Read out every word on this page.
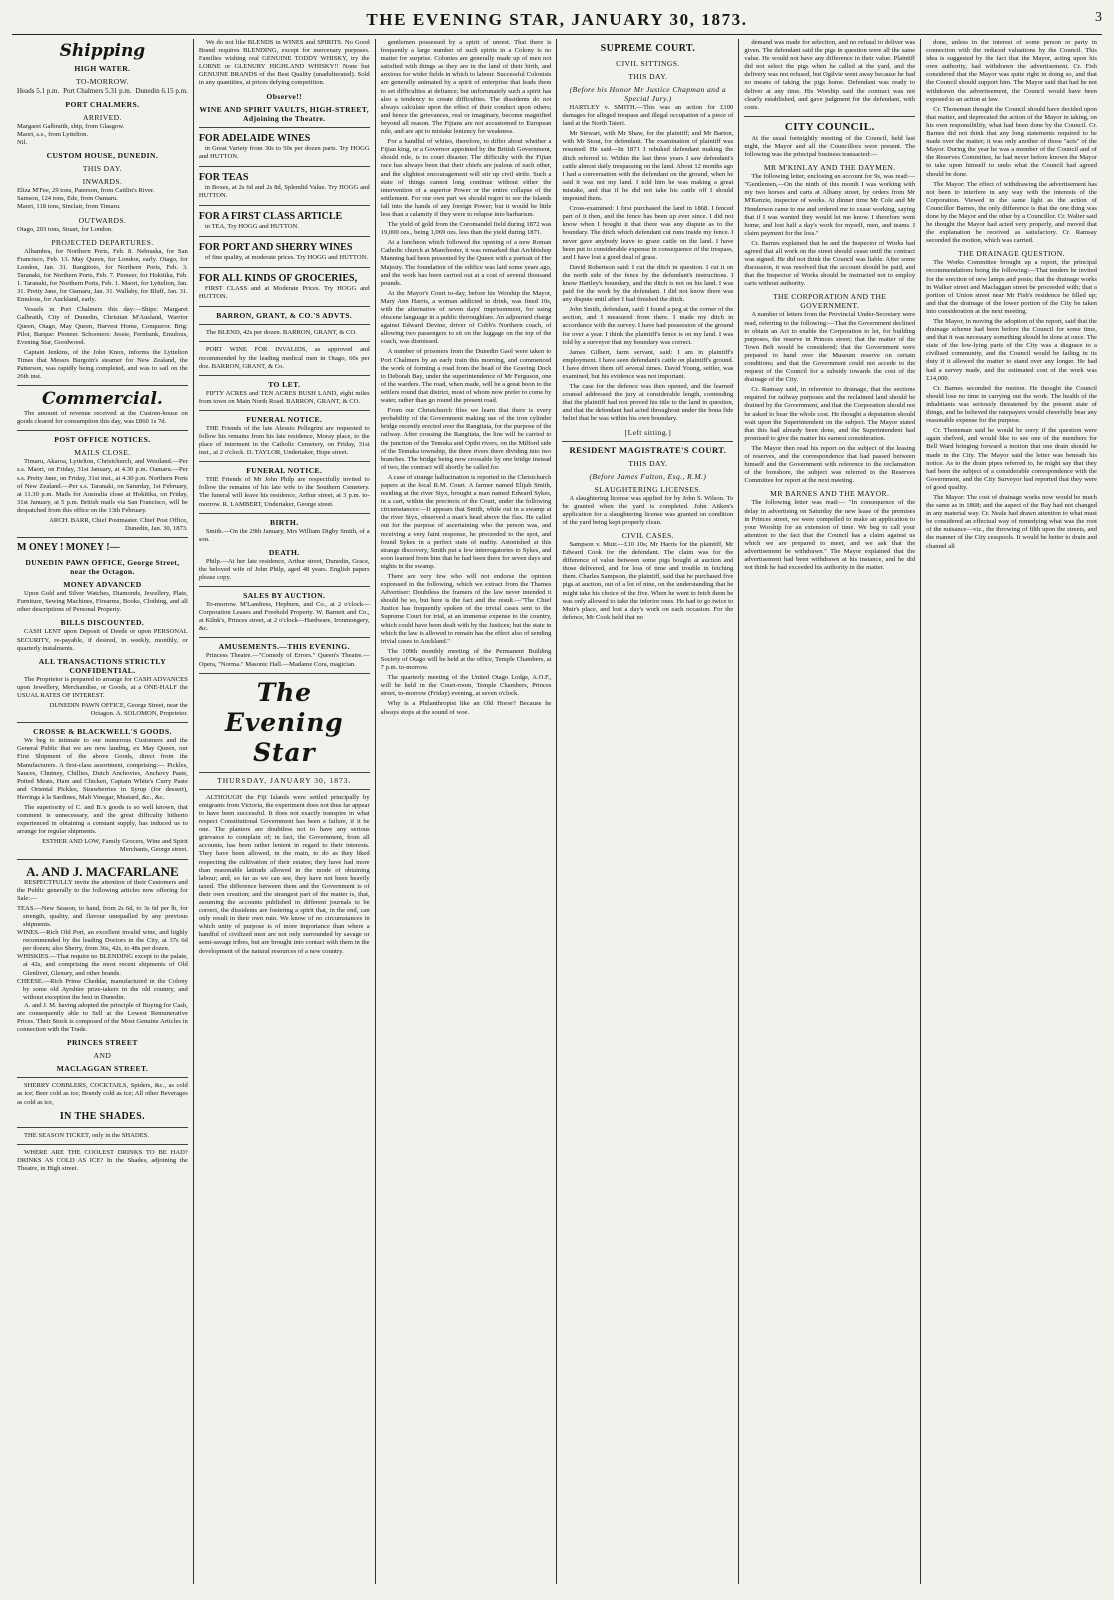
THE EVENING STAR, JANUARY 30, 1873.	3
Shipping
HIGH WATER.
TO-MORROW.
Heads 5.1 p.m. Port Chalmers 5.31 p.m. Dunedin 6.15 p.m.
PORT CHALMERS.
ARRIVED.
Margaret Galbraith, ship, from Glasgow.
Maori, s.s., from Lyttelton.
Nil.
CUSTOM HOUSE, DUNEDIN.
THIS DAY.
INWARDS.
Eliza M'Fee, 29 tons, Paterson, from Caitlin's River.
Samson, 124 tons, Ede, from Oamaru.
Maori, 118 tons, Sinclair, from Timaru.
OUTWARDS.
Otago, 203 tons, Stuart, for London.
PROJECTED DEPARTURES.

Alhambra, for Northern Ports, Feb. 8. Nebraska, for San Francisco, Feb. 13. May Queen, for London, early. Otago, for London, Jan. 31. Rangitoto, for Northern Ports, Feb. 3. Taranaki, for Northern Ports, Feb. 7. Pioneer, for Hokitika, Feb. 1. Taranaki, for Northern Ports, Feb. 1. Maori, for Lyttelton, Jan. 31. Pretty Jane, for Oamaru, Jan. 31. Wallaby, for Bluff, Jan. 31. Emulous, for Auckland, early.

Vessels in Port Chalmers this day:—Ships: Margaret Galbraith, City of Dunedin, Christian M'Ausland, Warrior Queen, Otago, May Queen, Harvest Home, Conqueror. Brig: Pilot, Barque: Pioneer. Schooners: Jessie, Fernbank, Emulous, Evening Star, Goodwood.

Captain Jenkins, of the John Knox, informs the Lyttelton Times that Messrs Burgoin's steamer for New Zealand, the Patterson, was rapidly being completed, and was to sail on the 26th inst.

Commercial.

The amount of revenue received at the Custom-house on goods cleared for consumption this day, was £860 1s 7d.

POST OFFICE NOTICES.
MAILS CLOSE.

Timaru, Akaroa, Lyttelton, Christchurch, and Westland.—Per s.s. Maori, on Friday, 31st January, at 4.30 p.m. Oamaru.—Per s.s. Pretty Jane, on Friday, 31st inst., at 4.30 p.m. Northern Ports of New Zealand.—Per s.s. Taranaki, on Saturday, 1st February, at 11.30 p.m. Mails for Australia close at Hokitika, on Friday, 31st January, at 5 p.m. British mails via San Francisco, will be despatched from this office on the 13th February.

ARCH. BARR, Chief Postmaster. Chief Post Office, Dunedin, Jan. 30, 1873.

M ONEY ! MONEY !—
DUNEDIN PAWN OFFICE, George Street, near the Octagon.
MONEY ADVANCED

Upon Gold and Silver Watches, Diamonds, Jewellery, Plate, Furniture, Sewing Machines, Firearms, Books, Clothing, and all other descriptions of Personal Property.

BILLS DISCOUNTED.

CASH LENT upon Deposit of Deeds or upon PERSONAL SECURITY, re-payable, if desired, in weekly, monthly, or quarterly instalments.

ALL TRANSACTIONS STRICTLY CONFIDENTIAL.

The Proprietor is prepared to arrange for CASH ADVANCES upon Jewellery, Merchandise, or Goods, at a ONE-HALF the USUAL RATES OF INTEREST.

DUNEDIN PAWN OFFICE, George Street, near the Octagon. A. SOLOMON, Proprietor.

CROSSE & BLACKWELL'S GOODS.

We beg to intimate to our numerous Customers and the General Public that we are now landing, ex May Queen, our First Shipment of the above Goods, direct from the Manufacturers. A first-class assortment, comprising:— Pickles, Sauces, Chutney, Chillies, Dutch Anchovies, Anchovy Paste, Potted Meats, Ham and Chicken, Captain White's Curry Paste and Oriental Pickles, Strawberries in Syrup (for dessert), Herrings à la Sardines, Malt Vinegar, Mustard, &c., &c.

The superiority of C. and B.'s goods is so well known, that comment is unnecessary, and the great difficulty hitherto experienced in obtaining a constant supply, has induced us to arrange for regular shipments.

ESTHER AND LOW, Family Grocers, Wine and Spirit Merchants, George street.

A. AND J. MACFARLANE

RESPECTFULLY invite the attention of their Customers and the Public generally to the following articles now offering for Sale:—

TEAS.—New Season, to hand, from 2s 6d, to 3s 6d per lb, for strength, quality, and flavour unequalled by any previous shipments.
WINES.—Rich Old Port, an excellent invalid wine, and highly recommended by the leading Doctors in the City, at 37s 6d per dozen; also Sherry, from 36s, 42s, to 48s per dozen.
WHISKIES.—That require no BLENDING except to the palate, at 42s, and comprising the most recent shipments of Old Glenlivet, Glenury, and other brands.
CHEESE.—Rich Prime Cheddar, manufactured in the Colony by some old Ayrshire prize-takers in the old country, and without exception the best in Dunedin.

A. and J. M. having adopted the principle of Buying for Cash, are consequently able to Sell at the Lowest Remunerative Prices. Their Stock is composed of the Most Genuine Articles in connection with the Trade.

PRINCES STREET
AND
MACLAGGAN STREET.

SHERRY COBBLERS, COCKTAILS, Spiders, &c., as cold as ice; Beer cold as ice; Brandy cold as ice; All other Beverages as cold as ice,

IN THE SHADES.

THE SEASON TICKET, only in the SHADES.

WHERE ARE THE COOLEST DRINKS TO BE HAD? DRINKS AS COLD AS ICE? In the Shades, adjoining the Theatre, in High street.

We do not like BLENDS in WINES and SPIRITS. No Good Brand requires BLENDING, except for mercenary purposes. Families wishing real GENUINE TODDY WHISKY, try the LORNE or GLENURY HIGHLAND WHISKY!! None but GENUINE BRANDS of the Best Quality (unadulterated). Sold in any quantities, at prices defying competition.

Observe!!
WINE AND SPIRIT VAULTS, HIGH-STREET, Adjoining the Theatre.
FOR ADELAIDE WINES

in Great Variety from 30s to 50s per dozen parts. Try HOGG and HUTTON.

FOR TEAS

in Boxes, at 2s 6d and 2s 8d, Splendid Value. Try HOGG and HUTTON.

FOR A FIRST CLASS ARTICLE

in TEA, Try HOGG and HUTTON.

FOR PORT AND SHERRY WINES

of fine quality, at moderate prices. Try HOGG and HUTTON.

FOR ALL KINDS OF GROCERIES,

FIRST CLASS and at Moderate Prices. Try HOGG and HUTTON.

BARRON, GRANT, & CO.'S ADVTS.

The BLEND, 42s per dozen. BARRON, GRANT, & CO.

PORT WINE FOR INVALIDS, as approved and recommended by the leading medical men in Otago, 60s per doz. BARRON, GRANT, & Co.

TO LET.

FIFTY ACRES and TEN ACRES BUSH LAND, eight miles from town on Main North Road. BARRON, GRANT, & CO.

FUNERAL NOTICE.

THE Friends of the late Alessio Pellegrini are requested to follow his remains from his late residence, Moray place, to the place of interment in the Catholic Cemetery, on Friday, 31st inst., at 2 o'clock. D. TAYLOR, Undertaker, Hope street.

FUNERAL NOTICE.

THE Friends of Mr John Philp are respectfully invited to follow the remains of his late wife to the Southern Cemetery. The funeral will leave his residence, Arthur street, at 3 p.m. to-morrow. R. LAMBERT, Undertaker, George street.

BIRTH.

Smith.—On the 29th January, Mrs William Digby Smith, of a son.

DEATH.

Philp.—At her late residence, Arthur street, Dunedin, Grace, the beloved wife of John Philp, aged 48 years. English papers please copy.

SALES BY AUCTION.

To-morrow. M'Landress, Hepburn, and Co., at 2 o'clock—Corporation Leases and Freehold Property. W. Barnett and Co., at Kilnk's, Princes street, at 2 o'clock—Hardware, Ironmongery, &c.

AMUSEMENTS.—THIS EVENING.

Princess Theatre.—"Comedy of Errors." Queen's Theatre.—Opera, "Norma." Masonic Hall.—Madame Cora, magician.

The Evening Star
THURSDAY, JANUARY 30, 1873.

ALTHOUGH the Fiji Islands were settled principally by emigrants from Victoria, the experiment does not thus far appear to have been successful. It does not exactly transpire in what respect Constitutional Government has been a failure, if it be one. The planters are doubtless not to have any serious grievance to complain of; in fact, the Government, from all accounts, has been rather lenient in regard to their interests. They have been allowed, in the main, to do as they liked respecting the cultivation of their estates; they have had more than reasonable latitude allowed in the mode of obtaining labour; and, so far as we can see, they have not been heavily taxed. The difference between them and the Government is of their own creation; and the strangest part of the matter is, that, assuming the accounts published in different journals to be correct, the dissidents are fostering a spirit that, in the end, can only result in their own ruin. We know of no circumstances in which unity of purpose is of more importance than where a handful of civilized men are not only surrounded by savage or semi-savage tribes, but are brought into contact with them in the development of the natural resources of a new country.

gentlemen possessed by a spirit of unrest. That there is frequently a large number of such spirits in a Colony is no matter for surprise. Colonies are generally made up of men not satisfied with things as they are in the land of their birth, and anxious for wider fields in which to labour. Successful Colonists are generally animated by a spirit of enterprise that leads them to set difficulties at defiance; but unfortunately such a spirit has also a tendency to create difficulties. The dissidents do not always calculate upon the effect of their conduct upon others; and hence the grievances, real or imaginary, become magnified beyond all reason. The Fijians are not accustomed to European rule, and are apt to mistake leniency for weakness.

For a handful of whites, therefore, to differ about whether a Fijian king, or a Governor appointed by the British Government, should rule, is to court disaster. The difficulty with the Fijian race has always been that their chiefs are jealous of each other, and the slightest encouragement will stir up civil strife. Such a state of things cannot long continue without either the intervention of a superior Power or the entire collapse of the settlement. For our own part we should regret to see the Islands fall into the hands of any foreign Power; but it would be little less than a calamity if they were to relapse into barbarism.

The yield of gold from the Coromandel field during 1872 was 19,000 ozs., being 1,069 ozs. less than the yield during 1871.

At a luncheon which followed the opening of a new Roman Catholic church at Manchester, it was remarked that Archbishop Manning had been presented by the Queen with a portrait of Her Majesty. The foundation of the edifice was laid some years ago, and the work has been carried out at a cost of several thousand pounds.

At the Mayor's Court to-day, before his Worship the Mayor, Mary Ann Harris, a woman addicted to drink, was fined 10s, with the alternative of seven days' imprisonment, for using obscene language in a public thoroughfare. An adjourned charge against Edward Devine, driver of Cobb's Northern coach, of allowing two passengers to sit on the luggage on the top of the coach, was dismissed.

A number of prisoners from the Dunedin Gaol were taken to Port Chalmers by an early train this morning, and commenced the work of forming a road from the head of the Graving Dock to Deborah Bay, under the superintendence of Mr Ferguson, one of the warders. The road, when made, will be a great boon to the settlers round that district, most of whom now prefer to come by water, rather than go round the present road.

From our Christchurch files we learn that there is every probability of the Government making use of the iron cylinder bridge recently erected over the Rangitata, for the purpose of the railway. After crossing the Rangitata, the line will be carried to the junction of the Temuka and Opihi rivers, on the Milford side of the Temuka township, the three rivers there dividing into two branches. The bridge being now crossable by one bridge instead of two, the contract will shortly be called for.

A case of strange hallucination is reported in the Christchurch papers at the local R.M. Court. A farmer named Elijah Smith, residing at the river Styx, brought a man named Edward Sykes, in a cart, within the precincts of the Court, under the following circumstances:—It appears that Smith, while out in a swamp at the river Styx, observed a man's head above the flax. He called out for the purpose of ascertaining who the person was, and receiving a very faint response, he proceeded to the spot, and found Sykes in a perfect state of nudity. Astonished at this strange discovery, Smith put a few interrogatories to Sykes, and soon learned from him that he had been there for seven days and nights in the swamp.

There are very few who will not endorse the opinion expressed in the following, which we extract from the Thames Advertiser: Doubtless the framers of the law never intended it should be so, but here is the fact and the result.—"The Chief Justice has frequently spoken of the trivial cases sent to the Supreme Court for trial, at an immense expense to the country, which could have been dealt with by the Justices; but the state in which the law is allowed to remain has the effect also of sending trivial cases to Auckland."

The 109th monthly meeting of the Permanent Building Society of Otago will be held at the office, Temple Chambers, at 7 p.m. to-morrow.

The quarterly meeting of the United Otago Lodge, A.O.F., will be held in the Court-room, Temple Chambers, Princes street, to-morrow (Friday) evening, at seven o'clock.

Why is a Philanthropist like an Old Horse? Because he always stops at the sound of woe.

SUPREME COURT.
CIVIL SITTINGS.
THIS DAY.
(Before his Honor Mr Justice Chapman and a Special Jury.)

HARTLEY v. SMITH.—This was an action for £100 damages for alleged trespass and illegal occupation of a piece of land at the North Taieri.

Mr Stewart, with Mr Shaw, for the plaintiff; and Mr Barton, with Mr Stout, for defendant. The examination of plaintiff was resumed: He said—In 1871 I rebuked defendant making the ditch referred to. Within the last three years I saw defendant's cattle almost daily trespassing on the land. About 12 months ago I had a conversation with the defendant on the ground, when he said it was not my land. I told him he was making a great mistake, and that if he did not take his cattle off I should impound them.

Cross-examined: I first purchased the land in 1868. I fenced part of it then, and the fence has been up ever since. I did not know when I bought it that there was any dispute as to the boundary. The ditch which defendant cut runs inside my fence. I never gave anybody leave to graze cattle on the land. I have been put to considerable expense in consequence of the trespass, and I have lost a good deal of grass.

David Robertson said: I cut the ditch in question. I cut it on the north side of the fence by the defendant's instructions. I know Hartley's boundary, and the ditch is not on his land. I was paid for the work by the defendant. I did not know there was any dispute until after I had finished the ditch.

John Smith, defendant, said: I found a peg at the corner of the section, and I measured from there. I made my ditch in accordance with the survey. I have had possession of the ground for over a year. I think the plaintiff's fence is on my land. I was told by a surveyor that my boundary was correct.

James Gilbert, farm servant, said: I am in plaintiff's employment. I have seen defendant's cattle on plaintiff's ground. I have driven them off several times. David Young, settler, was examined, but his evidence was not important.

The case for the defence was then opened, and the learned counsel addressed the jury at considerable length, contending that the plaintiff had not proved his title to the land in question, and that the defendant had acted throughout under the bona fide belief that he was within his own boundary.

[Left sitting.]
RESIDENT MAGISTRATE'S COURT.
THIS DAY.
(Before James Fulton, Esq., R.M.)
SLAUGHTERING LICENSES.

A slaughtering license was applied for by John S. Wilson. To be granted when the yard is completed. John Aitken's application for a slaughtering license was granted on condition of the yard being kept properly clean.

CIVIL CASES.

Sampson v. Muir.—£10 10s; Mr Harris for the plaintiff, Mr Edward Cook for the defendant. The claim was for the difference of value between some pigs bought at auction and those delivered, and for loss of time and trouble in fetching them. Charles Sampson, the plaintiff, said that he purchased five pigs at auction, out of a lot of nine, on the understanding that he might take his choice of the five. When he went to fetch them he was only allowed to take the inferior ones. He had to go twice to Muir's place, and lost a day's work on each occasion. For the defence, Mr Cook held that no

demand was made for selection, and no refusal to deliver was given. The defendant said the pigs in question were all the same value. He would not have any difference in their value. Plaintiff did not select the pigs when he called at the yard, and the delivery was not refused, but Ogilvie went away because he had no means of taking the pigs home. Defendant was ready to deliver at any time. His Worship said the contract was not clearly established, and gave judgment for the defendant, with costs.

CITY COUNCIL.

At the usual fortnightly meeting of the Council, held last night, the Mayor and all the Councillors were present. The following was the principal business transacted:—

MR M'KINLAY AND THE DAYMEN.

The following letter, enclosing an account for 9s, was read:— "Gentlemen,—On the ninth of this month I was working with my two horses and carts at Albany street, by orders from Mr M'Kenzie, inspector of works. At dinner time Mr Cole and Mr Henderson came to me and ordered me to cease working, saying that if I was wanted they would let me know. I therefore went home, and lost half a day's work for myself, men, and teams. I claim payment for the loss."

Cr. Barnes explained that he and the Inspector of Works had agreed that all work on the street should cease until the contract was signed. He did not think the Council was liable. After some discussion, it was resolved that the account should be paid, and that the Inspector of Works should be instructed not to employ carts without authority.

THE CORPORATION AND THE GOVERNMENT.

A number of letters from the Provincial Under-Secretary were read, referring to the following:—That the Government declined to obtain an Act to enable the Corporation to let, for building purposes, the reserve in Princes street; that the matter of the Town Belt would be considered; that the Government were prepared to hand over the Museum reserve on certain conditions; and that the Government could not accede to the request of the Council for a subsidy towards the cost of the drainage of the City.

Cr. Ramsay said, in reference to drainage, that the sections required for railway purposes and the reclaimed land should be drained by the Government, and that the Corporation should not be asked to bear the whole cost. He thought a deputation should wait upon the Superintendent on the subject. The Mayor stated that this had already been done, and the Superintendent had promised to give the matter his earnest consideration.

The Mayor then read his report on the subject of the leasing of reserves, and the correspondence that had passed between himself and the Government with reference to the reclamation of the foreshore, the subject was referred to the Reserves Committee for report at the next meeting.

MR BARNES AND THE MAYOR.

The following letter was read:— "In consequence of the delay in advertising on Saturday the new lease of the premises in Princes street, we were compelled to make an application to your Worship for an extension of time. We beg to call your attention to the fact that the Council has a claim against us which we are prepared to meet, and we ask that the advertisement be withdrawn." The Mayor explained that the advertisement had been withdrawn at his instance, and he did not think he had exceeded his authority in the matter.

done, unless in the interest of some person or party in connection with the reduced valuations by the Council. This idea is suggested by the fact that the Mayor, acting upon his own authority, had withdrawn the advertisement. Cr. Fish considered that the Mayor was quite right in doing so, and that the Council should support him. The Mayor said that had he not withdrawn the advertisement, the Council would have been exposed to an action at law.

Cr. Thoneman thought the Council should have decided upon that matter, and deprecated the action of the Mayor in taking, on his own responsibility, what had been done by the Council. Cr. Barnes did not think that any long statements required to be made over the matter; it was only another of those "acts" of the Mayor. During the year he was a member of the Council and of the Reserves Committee, he had never before known the Mayor to take upon himself to undo what the Council had agreed should be done.

The Mayor: The effect of withdrawing the advertisement has not been to interfere in any way with the interests of the Corporation. Viewed in the same light as the action of Councillor Barnes, the only difference is that the one thing was done by the Mayor and the other by a Councillor. Cr. Walter said he thought the Mayor had acted very properly, and moved that the explanation be received as satisfactory. Cr. Ramsay seconded the motion, which was carried.

THE DRAINAGE QUESTION.

The Works Committee brought up a report, the principal recommendations being the following:—That tenders be invited for the erection of new lamps and posts; that the drainage works in Walker street and Maclaggan street be proceeded with; that a portion of Union street near Mr Fish's residence be filled up; and that the drainage of the lower portion of the City be taken into consideration at the next meeting.

The Mayor, in moving the adoption of the report, said that the drainage scheme had been before the Council for some time, and that it was necessary something should be done at once. The state of the low-lying parts of the City was a disgrace to a civilised community, and the Council would be failing in its duty if it allowed the matter to stand over any longer. He had had a survey made, and the estimated cost of the work was £14,000.

Cr. Barnes seconded the motion. He thought the Council should lose no time in carrying out the work. The health of the inhabitants was seriously threatened by the present state of things, and he believed the ratepayers would cheerfully bear any reasonable expense for the purpose.

Cr. Thoneman said he would be sorry if the question were again shelved, and would like to see one of the members for Bell Ward bringing forward a motion that one drain should be made in the City. The Mayor said the letter was beneath his notice. As to the drain pipes referred to, he might say that they had been the subject of a considerable correspondence with the Government, and the City Surveyor had reported that they were of good quality.

The Mayor: The cost of drainage works now would be much the same as in 1868; and the aspect of the Bay had not changed in any material way. Cr. Neale had drawn attention to what must be considered an effectual way of remedying what was the root of the nuisance—viz., the throwing of filth upon the streets, and the manner of the City cesspools. It would be better to drain and channel all
